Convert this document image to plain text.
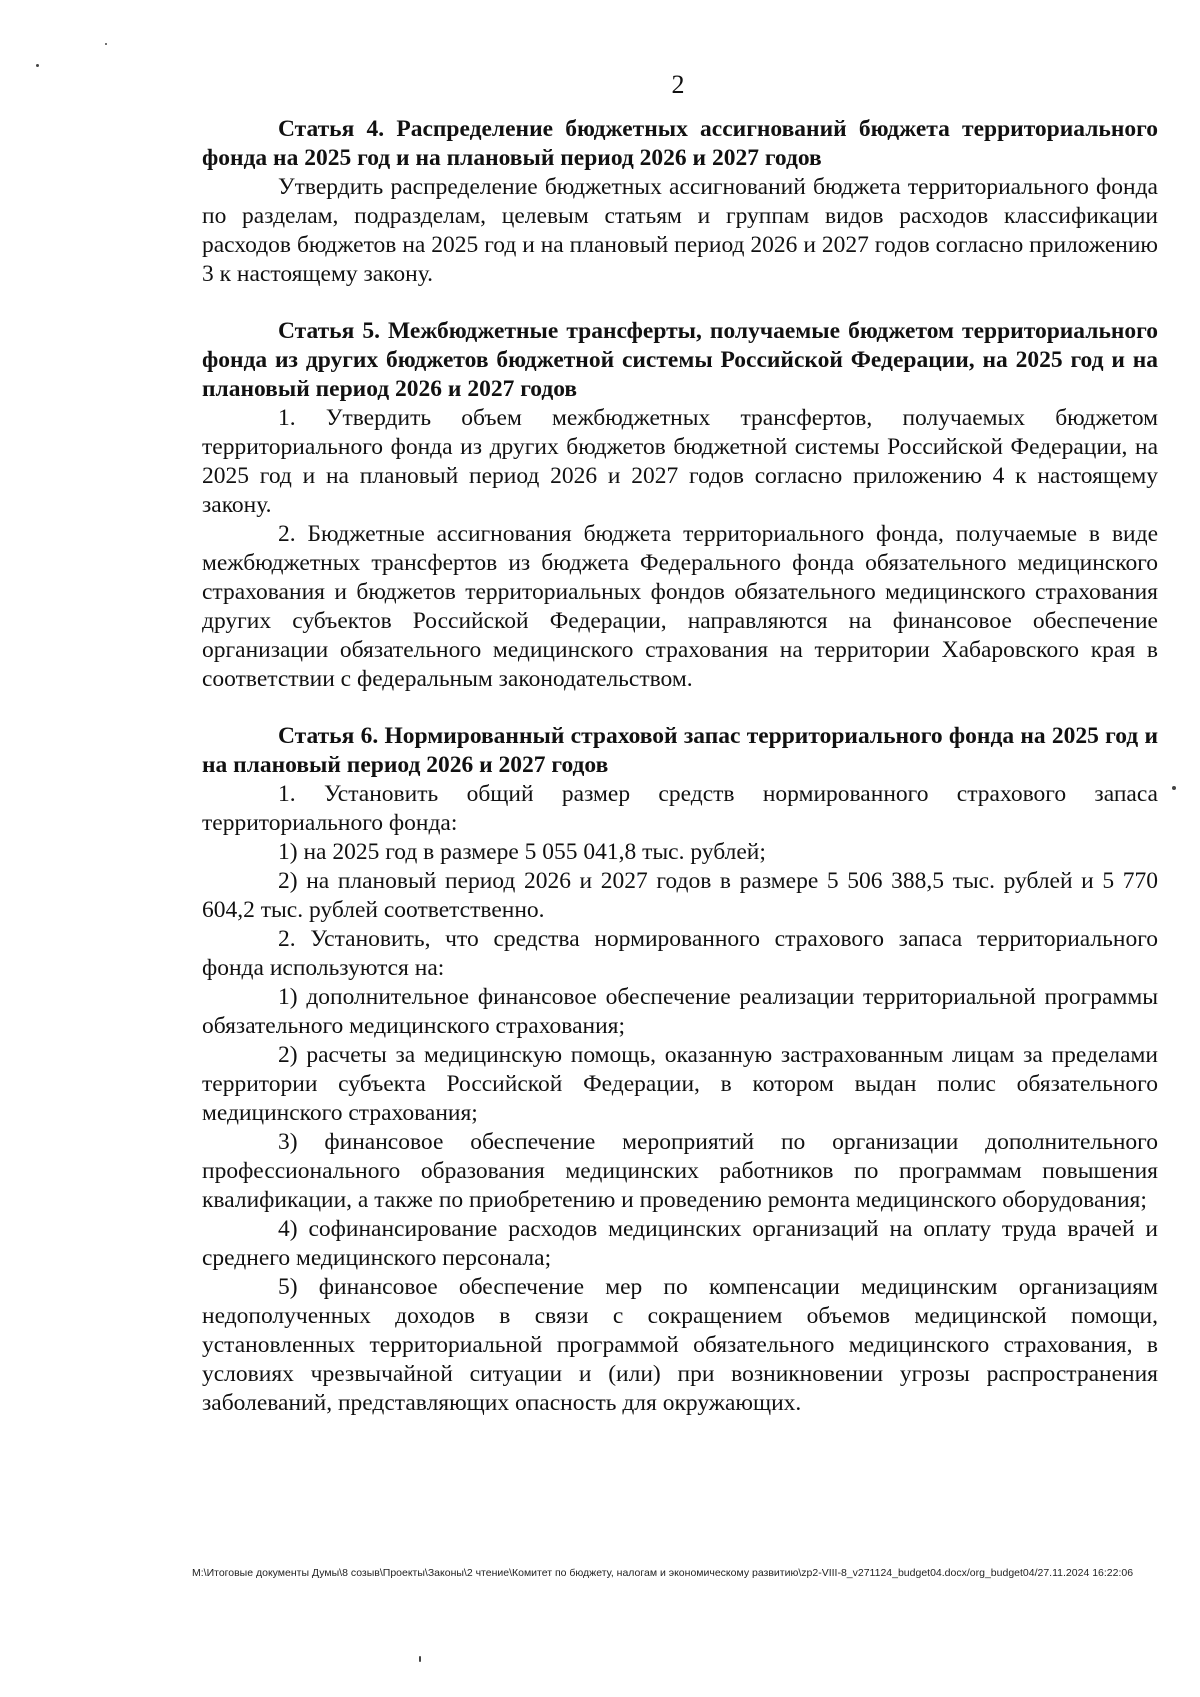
2

Статья 4. Распределение бюджетных ассигнований бюджета территориального фонда на 2025 год и на плановый период 2026 и 2027 годов

Утвердить распределение бюджетных ассигнований бюджета территориального фонда по разделам, подразделам, целевым статьям и группам видов расходов классификации расходов бюджетов на 2025 год и на плановый период 2026 и 2027 годов согласно приложению 3 к настоящему закону.

Статья 5. Межбюджетные трансферты, получаемые бюджетом территориального фонда из других бюджетов бюджетной системы Российской Федерации, на 2025 год и на плановый период 2026 и 2027 годов

1. Утвердить объем межбюджетных трансфертов, получаемых бюджетом территориального фонда из других бюджетов бюджетной системы Российской Федерации, на 2025 год и на плановый период 2026 и 2027 годов согласно приложению 4 к настоящему закону.

2. Бюджетные ассигнования бюджета территориального фонда, получаемые в виде межбюджетных трансфертов из бюджета Федерального фонда обязательного медицинского страхования и бюджетов территориальных фондов обязательного медицинского страхования других субъектов Российской Федерации, направляются на финансовое обеспечение организации обязательного медицинского страхования на территории Хабаровского края в соответствии с федеральным законодательством.

Статья 6. Нормированный страховой запас территориального фонда на 2025 год и на плановый период 2026 и 2027 годов

1. Установить общий размер средств нормированного страхового запаса территориального фонда:

1) на 2025 год в размере 5 055 041,8 тыс. рублей;

2) на плановый период 2026 и 2027 годов в размере 5 506 388,5 тыс. рублей и 5 770 604,2 тыс. рублей соответственно.

2. Установить, что средства нормированного страхового запаса территориального фонда используются на:

1) дополнительное финансовое обеспечение реализации территориальной программы обязательного медицинского страхования;

2) расчеты за медицинскую помощь, оказанную застрахованным лицам за пределами территории субъекта Российской Федерации, в котором выдан полис обязательного медицинского страхования;

3) финансовое обеспечение мероприятий по организации дополнительного профессионального образования медицинских работников по программам повышения квалификации, а также по приобретению и проведению ремонта медицинского оборудования;

4) софинансирование расходов медицинских организаций на оплату труда врачей и среднего медицинского персонала;

5) финансовое обеспечение мер по компенсации медицинским организациям недополученных доходов в связи с сокращением объемов медицинской помощи, установленных территориальной программой обязательного медицинского страхования, в условиях чрезвычайной ситуации и (или) при возникновении угрозы распространения заболеваний, представляющих опасность для окружающих.

M:\Итоговые документы Думы\8 созыв\Проекты\Законы\2 чтение\Комитет по бюджету, налогам и экономическому развитию\zp2-VIII-8_v271124_budget04.docx/org_budget04/27.11.2024 16:22:06
